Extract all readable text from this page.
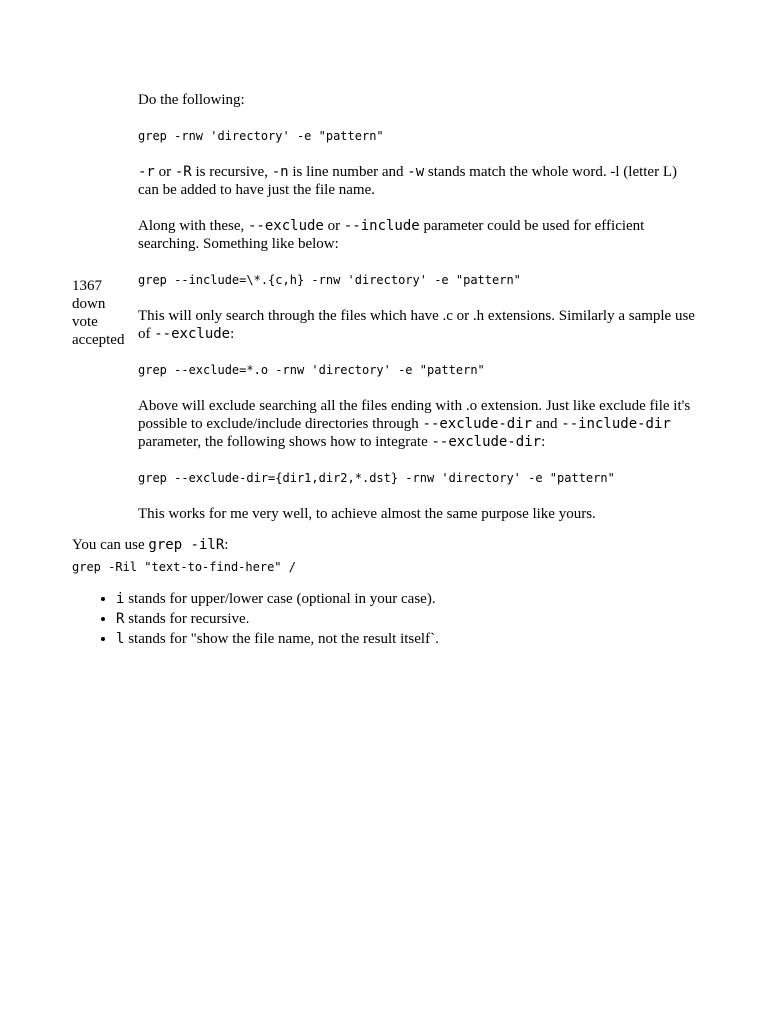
1367
down
vote
accepted

Do the following:

grep -rnw 'directory' -e "pattern"

-r or -R is recursive, -n is line number and -w stands match the whole word. -l (letter L) can be added to have just the file name.

Along with these, --exclude or --include parameter could be used for efficient searching. Something like below:

grep --include=\*.{c,h} -rnw 'directory' -e "pattern"

This will only search through the files which have .c or .h extensions. Similarly a sample use of --exclude:

grep --exclude=*.o -rnw 'directory' -e "pattern"

Above will exclude searching all the files ending with .o extension. Just like exclude file it's possible to exclude/include directories through --exclude-dir and --include-dir parameter, the following shows how to integrate --exclude-dir:

grep --exclude-dir={dir1,dir2,*.dst} -rnw 'directory' -e "pattern"

This works for me very well, to achieve almost the same purpose like yours.

You can use grep -ilR:

grep -Ril "text-to-find-here" /
• i stands for upper/lower case (optional in your case).
• R stands for recursive.
• l stands for "show the file name, not the result itself`.
